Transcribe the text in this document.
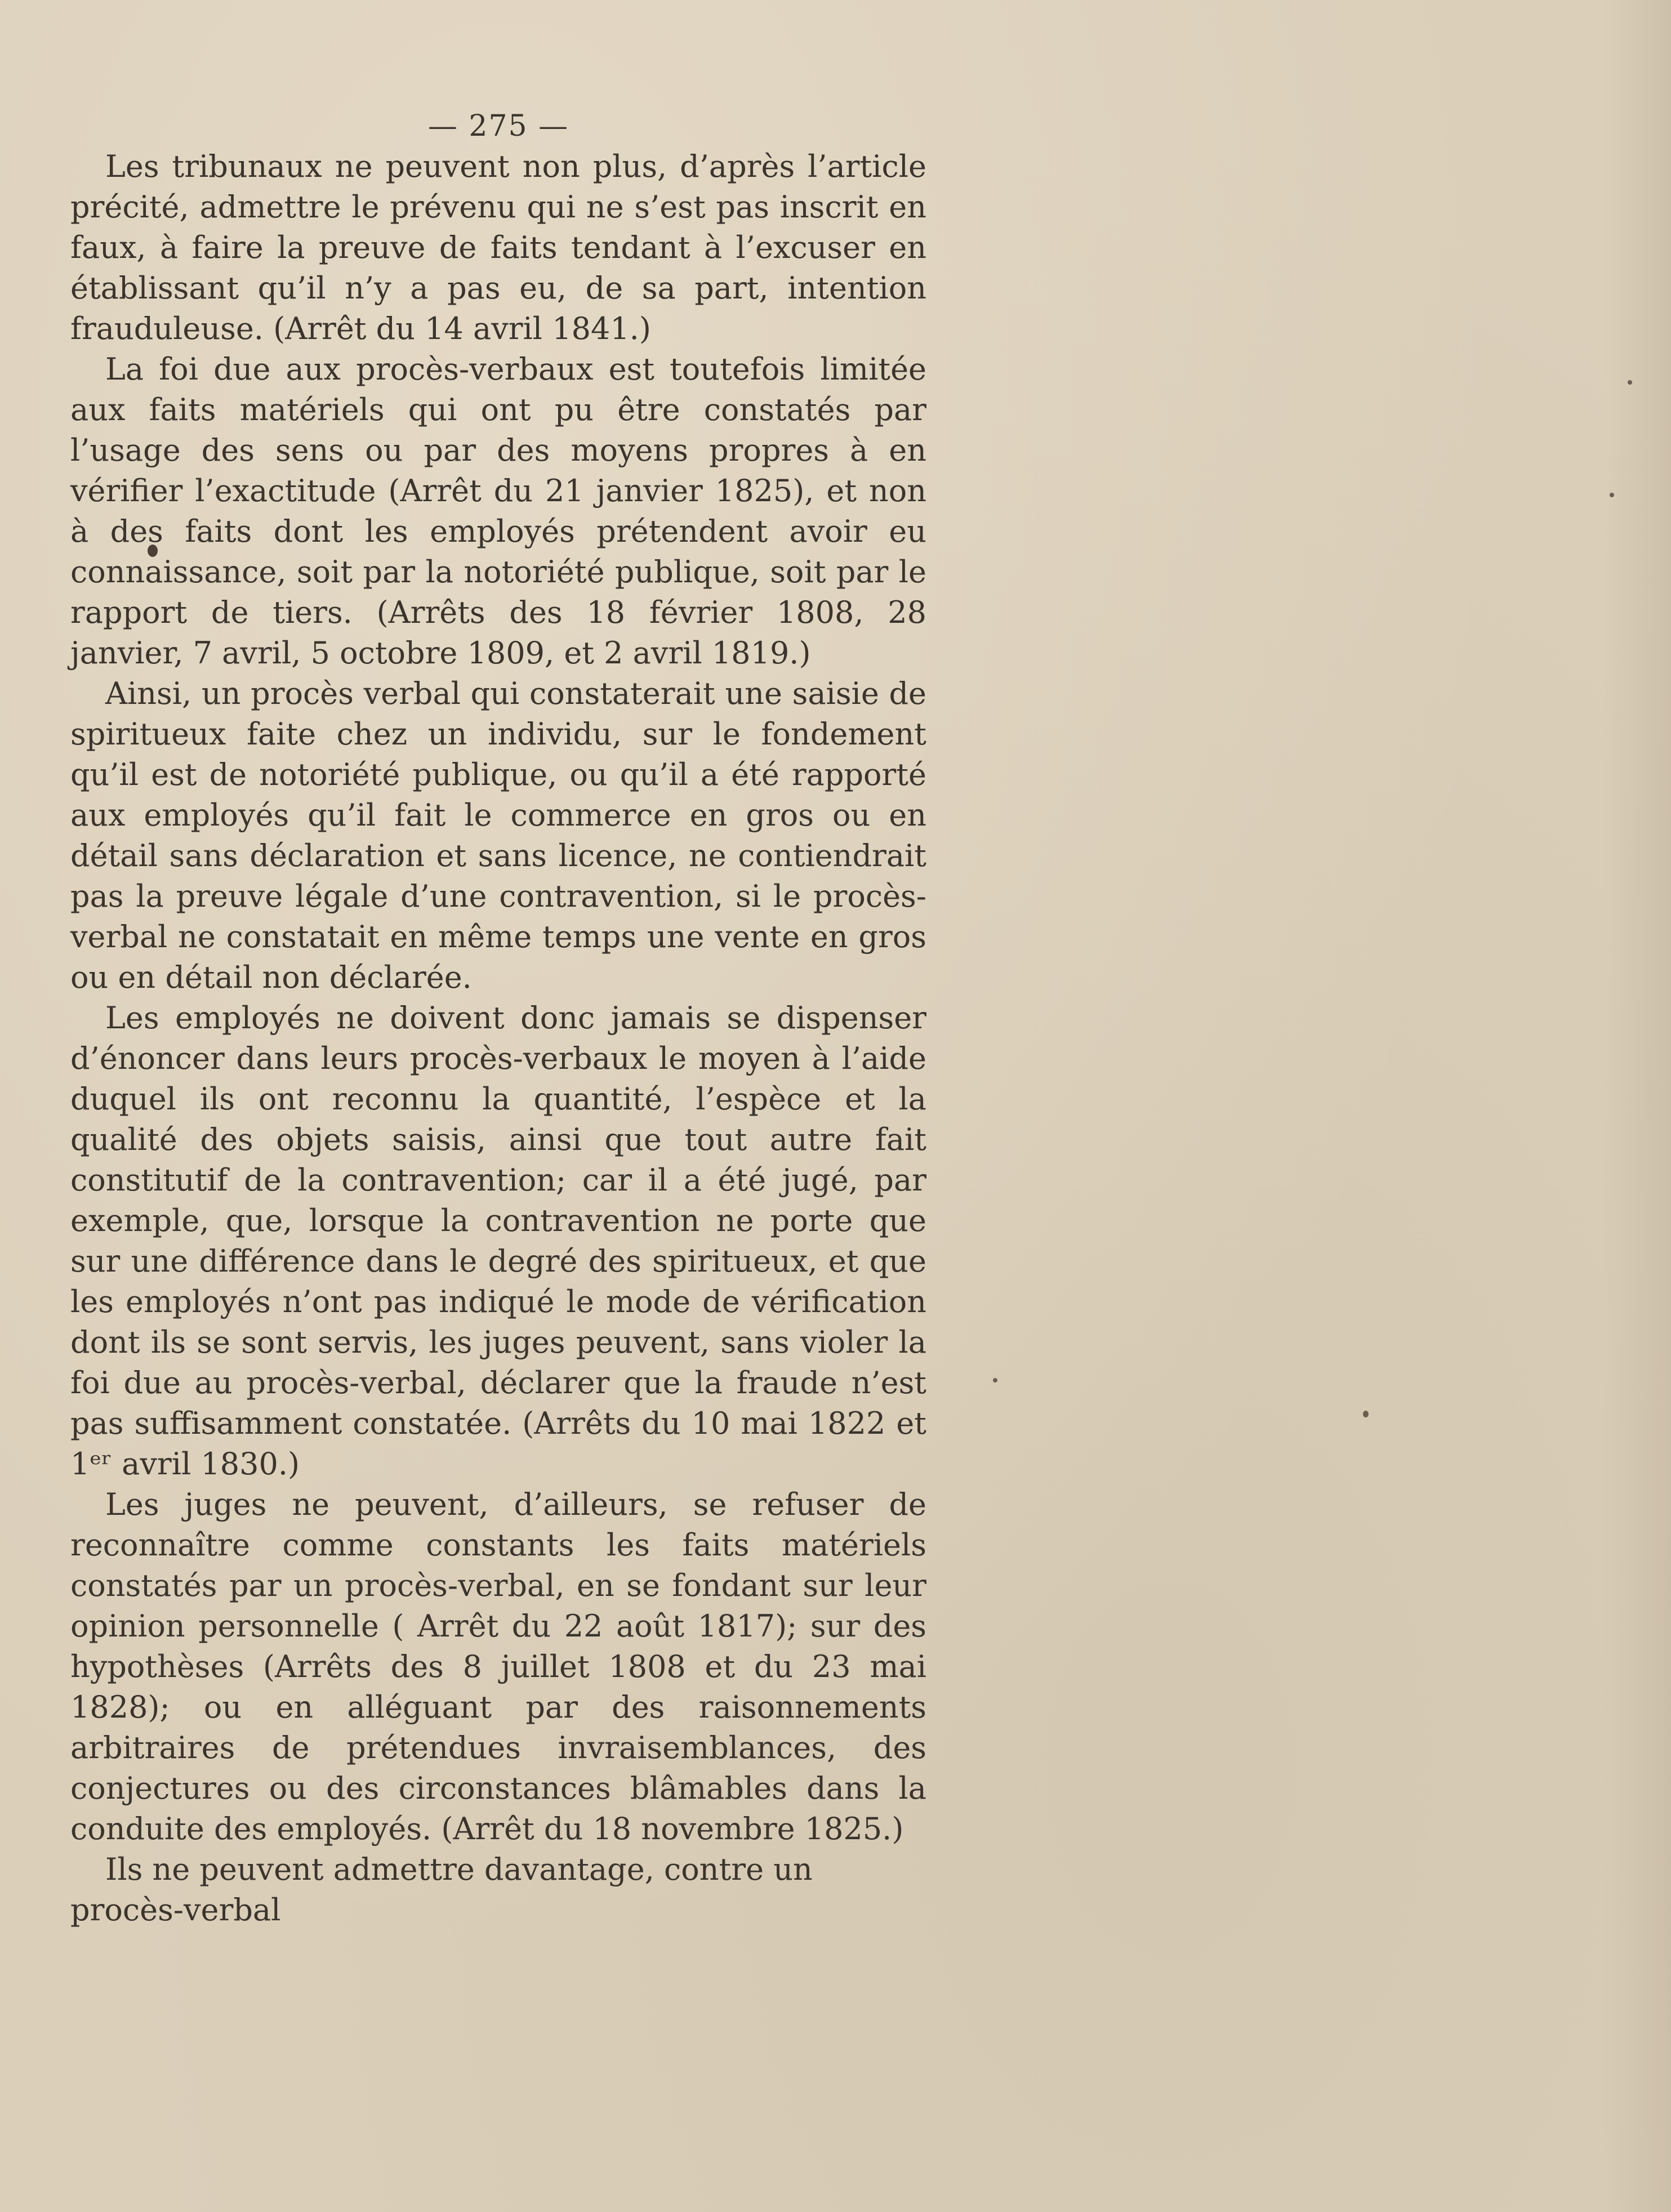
— 275 —

Les tribunaux ne peuvent non plus, d’après l’article précité, admettre le prévenu qui ne s’est pas inscrit en faux, à faire la preuve de faits tendant à l’excuser en établissant qu’il n’y a pas eu, de sa part, intention frauduleuse. (Arrêt du 14 avril 1841.)

La foi due aux procès-verbaux est toutefois limitée aux faits matériels qui ont pu être constatés par l’usage des sens ou par des moyens propres à en vérifier l’exactitude (Arrêt du 21 janvier 1825), et non à des faits dont les employés prétendent avoir eu connaissance, soit par la notoriété publique, soit par le rapport de tiers. (Arrêts des 18 février 1808, 28 janvier, 7 avril, 5 octobre 1809, et 2 avril 1819.)

Ainsi, un procès verbal qui constaterait une saisie de spiritueux faite chez un individu, sur le fondement qu’il est de notoriété publique, ou qu’il a été rapporté aux employés qu’il fait le commerce en gros ou en détail sans déclaration et sans licence, ne contiendrait pas la preuve légale d’une contravention, si le procès-verbal ne constatait en même temps une vente en gros ou en détail non déclarée.

Les employés ne doivent donc jamais se dispenser d’énoncer dans leurs procès-verbaux le moyen à l’aide duquel ils ont reconnu la quantité, l’espèce et la qualité des objets saisis, ainsi que tout autre fait constitutif de la contravention; car il a été jugé, par exemple, que, lorsque la contravention ne porte que sur une différence dans le degré des spiritueux, et que les employés n’ont pas indiqué le mode de vérification dont ils se sont servis, les juges peuvent, sans violer la foi due au procès-verbal, déclarer que la fraude n’est pas suffisamment constatée. (Arrêts du 10 mai 1822 et 1ᵉʳ avril 1830.)

Les juges ne peuvent, d’ailleurs, se refuser de reconnaître comme constants les faits matériels constatés par un procès-verbal, en se fondant sur leur opinion personnelle ( Arrêt du 22 août 1817); sur des hypothèses (Arrêts des 8 juillet 1808 et du 23 mai 1828); ou en alléguant par des raisonnements arbitraires de prétendues invraisemblances, des conjectures ou des circonstances blâmables dans la conduite des employés. (Arrêt du 18 novembre 1825.)

Ils ne peuvent admettre davantage, contre un procès-verbal
